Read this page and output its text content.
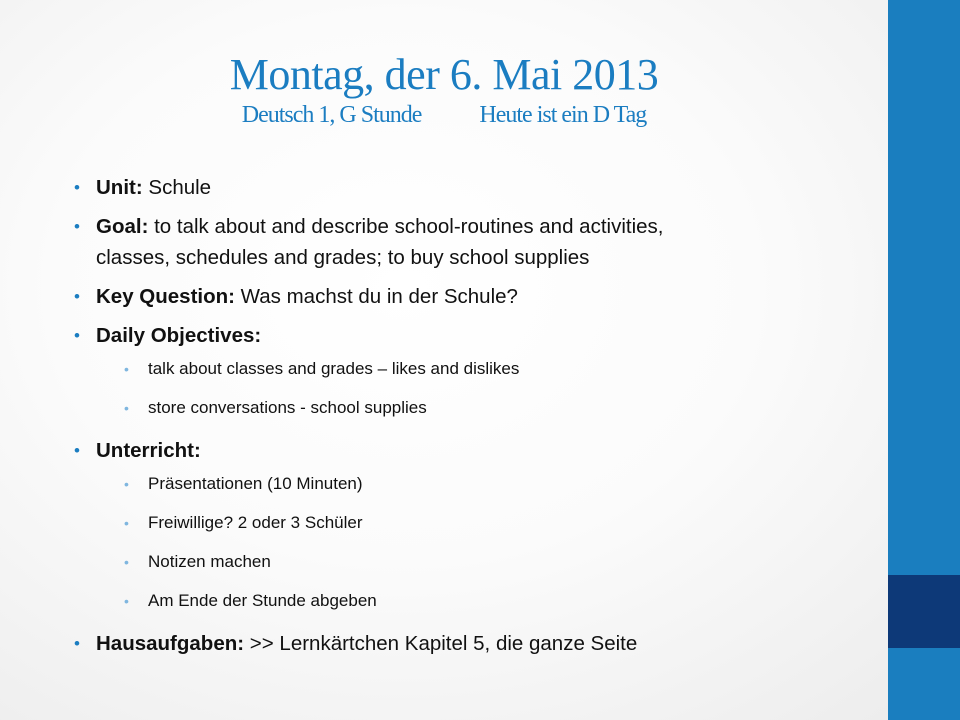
Montag, der 6. Mai 2013
Deutsch 1, G Stunde Heute ist ein D Tag
• Unit: Schule
• Goal: to talk about and describe school-routines and activities,
classes, schedules and grades; to buy school supplies
• Key Question: Was machst du in der Schule?
• Daily Objectives:
• talk about classes and grades – likes and dislikes
• store conversations - school supplies
• Unterricht:
• Präsentationen (10 Minuten)
• Freiwillige? 2 oder 3 Schüler
• Notizen machen
• Am Ende der Stunde abgeben
• Hausaufgaben: >> Lernkärtchen Kapitel 5, die ganze Seite
